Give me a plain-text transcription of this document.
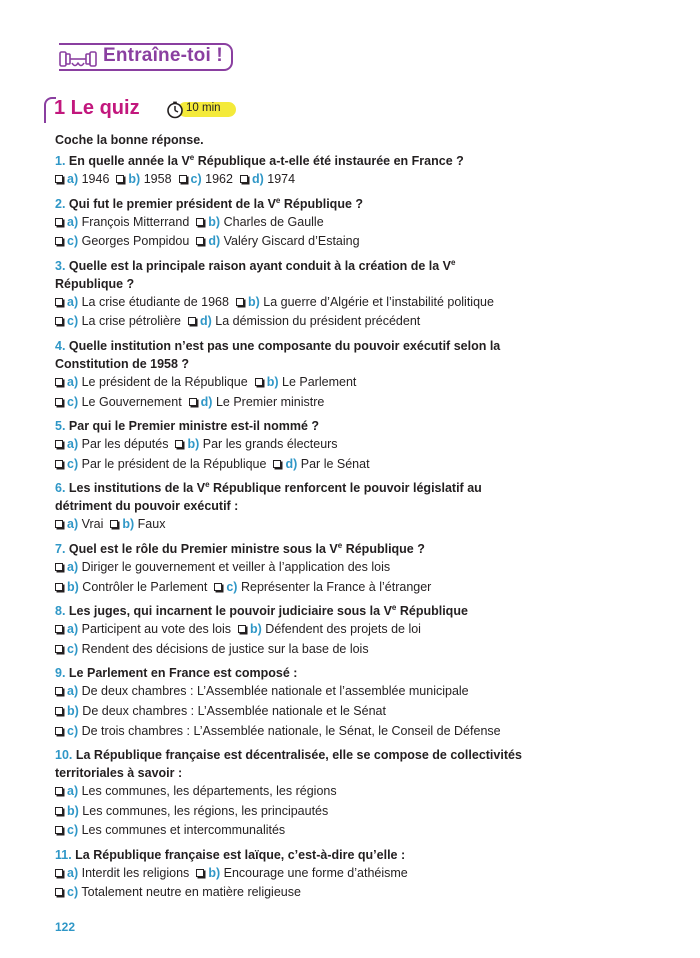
Entraîne-toi !
1 Le quiz	10 min
Coche la bonne réponse.
1. En quelle année la Ve République a-t-elle été instaurée en France ?
a) 1946 b) 1958 c) 1962 d) 1974
2. Qui fut le premier président de la Ve République ?
a) François Mitterrand b) Charles de Gaulle
c) Georges Pompidou d) Valéry Giscard d’Estaing
3. Quelle est la principale raison ayant conduit à la création de la Ve République ?
a) La crise étudiante de 1968 b) La guerre d’Algérie et l’instabilité politique
c) La crise pétrolière d) La démission du président précédent
4. Quelle institution n’est pas une composante du pouvoir exécutif selon la Constitution de 1958 ?
a) Le président de la République b) Le Parlement
c) Le Gouvernement d) Le Premier ministre
5. Par qui le Premier ministre est-il nommé ?
a) Par les députés b) Par les grands électeurs
c) Par le président de la République d) Par le Sénat
6. Les institutions de la Ve République renforcent le pouvoir législatif au détriment du pouvoir exécutif :
a) Vrai b) Faux
7. Quel est le rôle du Premier ministre sous la Ve République ?
a) Diriger le gouvernement et veiller à l’application des lois
b) Contrôler le Parlement c) Représenter la France à l’étranger
8. Les juges, qui incarnent le pouvoir judiciaire sous la Ve République
a) Participent au vote des lois b) Défendent des projets de loi
c) Rendent des décisions de justice sur la base de lois
9. Le Parlement en France est composé :
a) De deux chambres : L’Assemblée nationale et l’assemblée municipale
b) De deux chambres : L’Assemblée nationale et le Sénat
c) De trois chambres : L’Assemblée nationale, le Sénat, le Conseil de Défense
10. La République française est décentralisée, elle se compose de collectivités territoriales à savoir :
a) Les communes, les départements, les régions
b) Les communes, les régions, les principautés
c) Les communes et intercommunalités
11. La République française est laïque, c’est-à-dire qu’elle :
a) Interdit les religions b) Encourage une forme d’athéisme
c) Totalement neutre en matière religieuse
122
